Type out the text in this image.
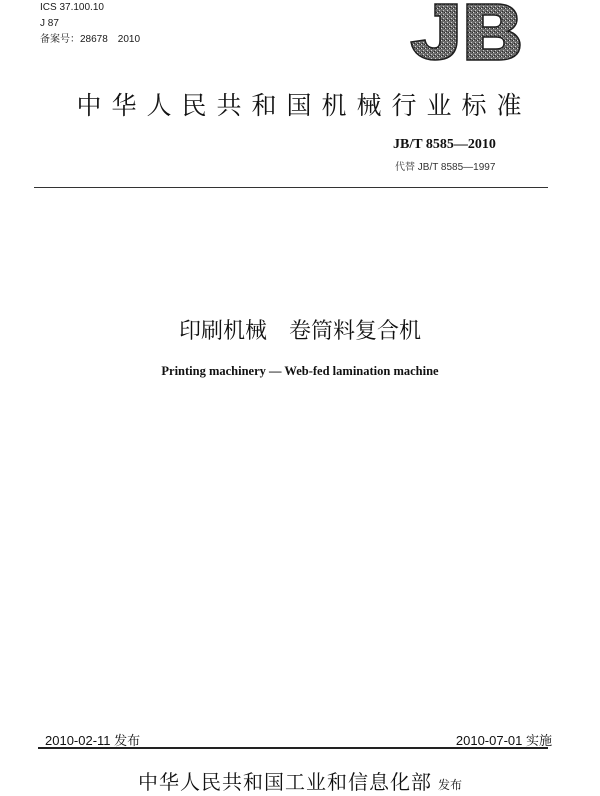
ICS 37.100.10
J 87
备案号：28678　2010
中华人民共和国机械行业标准
JB/T 8585—2010
代替 JB/T 8585—1997
印刷机械　卷筒料复合机
Printing machinery — Web-fed lamination machine
2010-02-11 发布	2010-07-01 实施
中华人民共和国工业和信息化部 发布
